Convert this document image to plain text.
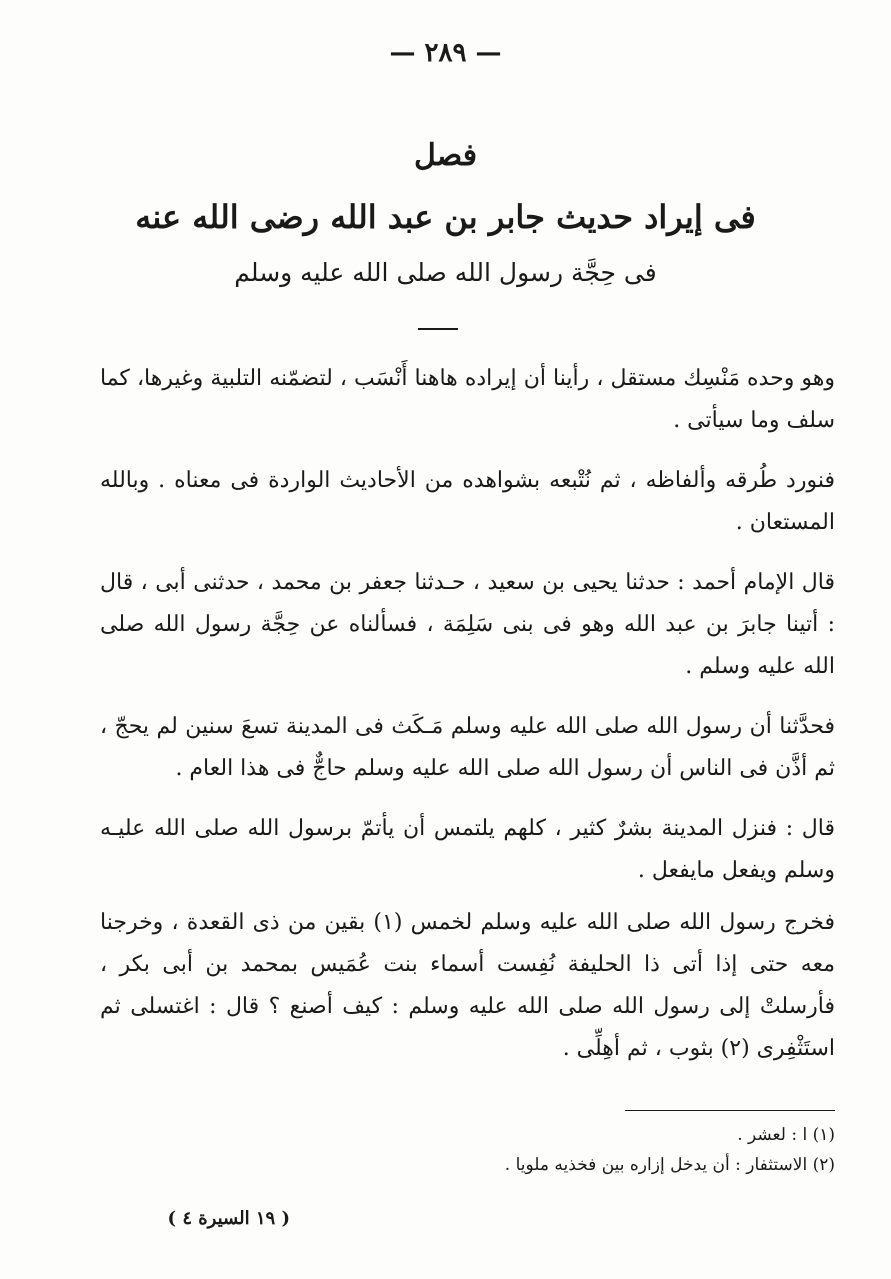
— ٢٨٩ —
فصل
فى إيراد حديث جابر بن عبد الله رضى الله عنه
فى حِجَّة رسول الله صلى الله عليه وسلم

وهو وحده مَنْسِك مستقل ، رأينا أن إيراده هاهنا أَنْسَب ، لتضمّنه التلبية وغيرها، كما سلف وما سيأتى .

فنورد طُرقه وألفاظه ، ثم نُتْبعه بشواهده من الأحاديث الواردة فى معناه . وبالله المستعان .

قال الإمام أحمد : حدثنا يحيى بن سعيد ، حـدثنا جعفر بن محمد ، حدثنى أبى ، قال : أتينا جابرَ بن عبد الله وهو فى بنى سَلِمَة ، فسألناه عن حِجَّة رسول الله صلى الله عليه وسلم .

فحدَّثنا أن رسول الله صلى الله عليه وسلم مَـكَث فى المدينة تسعَ سنين لم يحجّ ، ثم أذَّن فى الناس أن رسول الله صلى الله عليه وسلم حاجٌّ فى هذا العام .

قال : فنزل المدينة بشرٌ كثير ، كلهم يلتمس أن يأتمّ برسول الله صلى الله عليـه وسلم ويفعل مايفعل .

فخرج رسول الله صلى الله عليه وسلم لخمس (١) بقين من ذى القعدة ، وخرجنا معه حتى إذا أتى ذا الحليفة نُفِست أسماء بنت عُمَيس بمحمد بن أبى بكر ، فأرسلتْ إلى رسول الله صلى الله عليه وسلم : كيف أصنع ؟ قال : اغتسلى ثم استَثْفِرى (٢) بثوب ، ثم أهِلِّى .

(١) ا : لعشر .

(٢) الاستثفار : أن يدخل إزاره بين فخذيه ملويا .

( ١٩ السيرة ٤ )
